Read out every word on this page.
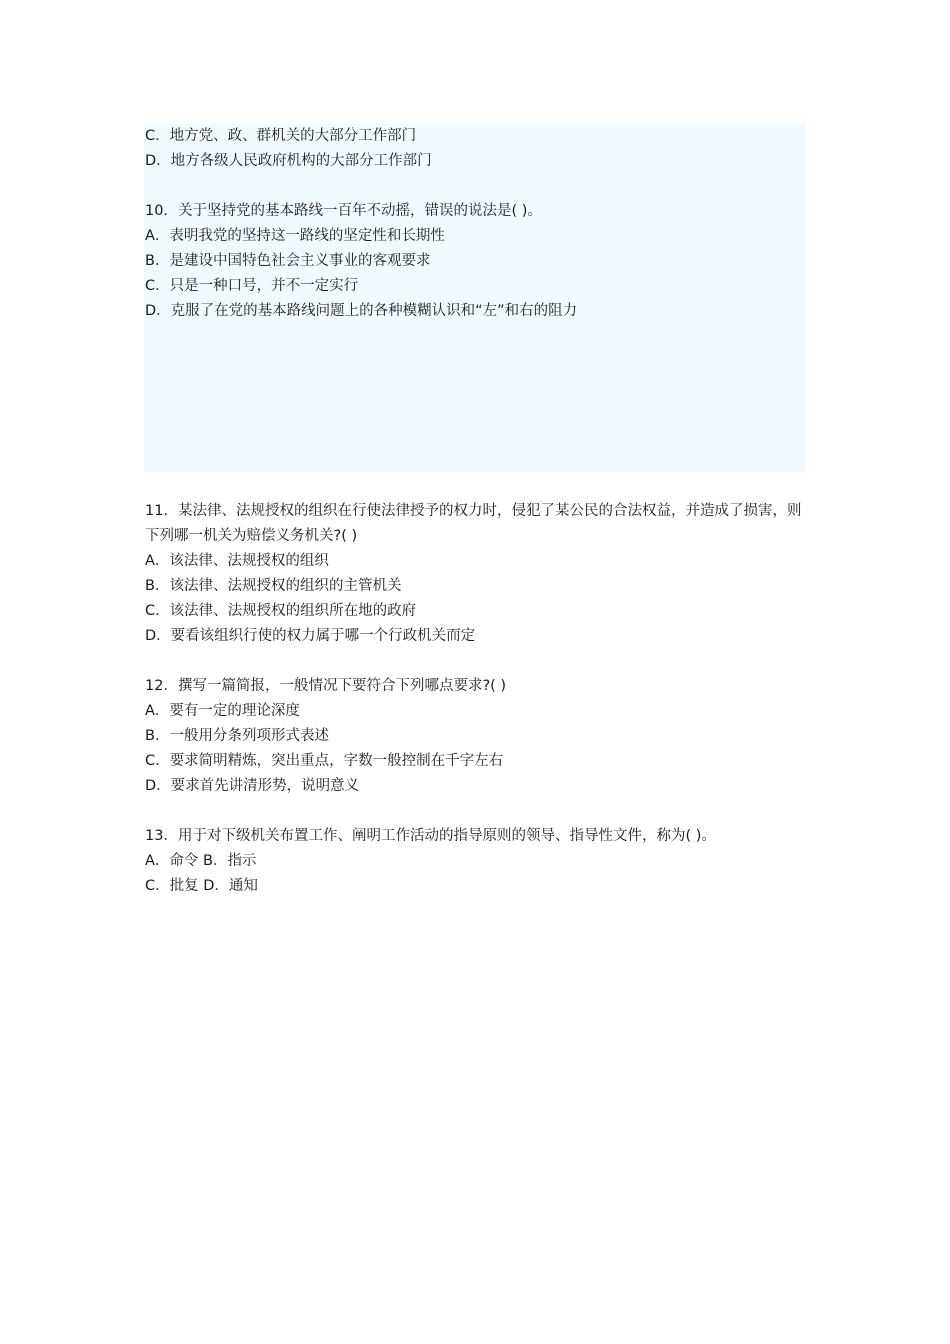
C．地方党、政、群机关的大部分工作部门

D．地方各级人民政府机构的大部分工作部门

10．关于坚持党的基本路线一百年不动摇，错误的说法是( )。

A．表明我党的坚持这一路线的坚定性和长期性

B．是建设中国特色社会主义事业的客观要求

C．只是一种口号，并不一定实行

D．克服了在党的基本路线问题上的各种模糊认识和“左”和右的阻力

11．某法律、法规授权的组织在行使法律授予的权力时，侵犯了某公民的合法权益，并造成了损害，则下列哪一机关为赔偿义务机关?( )

A．该法律、法规授权的组织

B．该法律、法规授权的组织的主管机关

C．该法律、法规授权的组织所在地的政府

D．要看该组织行使的权力属于哪一个行政机关而定

12．撰写一篇简报，一般情况下要符合下列哪点要求?( )

A．要有一定的理论深度

B．一般用分条列项形式表述

C．要求简明精炼，突出重点，字数一般控制在千字左右

D．要求首先讲清形势，说明意义

13．用于对下级机关布置工作、阐明工作活动的指导原则的领导、指导性文件，称为( )。

A．命令 B．指示

C．批复 D．通知
